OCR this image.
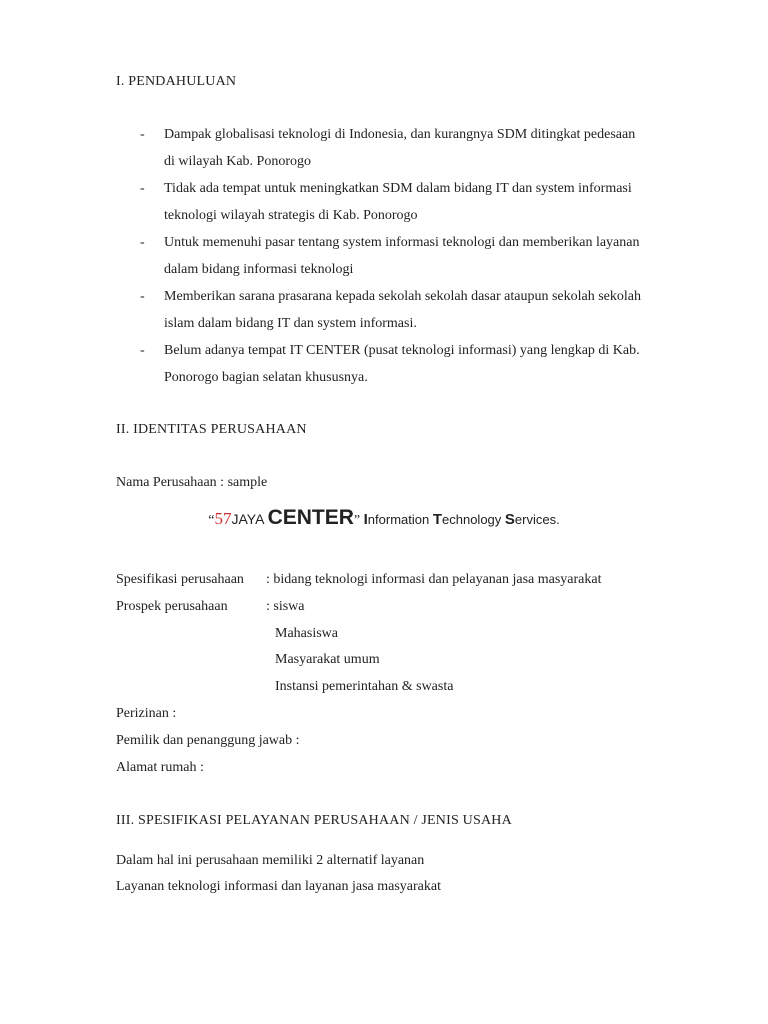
I. PENDAHULUAN
- Dampak globalisasi teknologi di Indonesia, dan kurangnya SDM ditingkat pedesaan
di wilayah Kab. Ponorogo
- Tidak ada tempat untuk meningkatkan SDM dalam bidang IT dan system informasi
teknologi wilayah strategis di Kab. Ponorogo
- Untuk memenuhi pasar tentang system informasi teknologi dan memberikan layanan
dalam bidang informasi teknologi
- Memberikan sarana prasarana kepada sekolah sekolah dasar ataupun sekolah sekolah
islam dalam bidang IT dan system informasi.
- Belum adanya tempat IT CENTER (pusat teknologi informasi) yang lengkap di Kab.
Ponorogo bagian selatan khususnya.
II. IDENTITAS PERUSAHAAN
Nama Perusahaan : sample
“57JAYA CENTER” Information Technology Services.
Spesifikasi perusahaan : bidang teknologi informasi dan pelayanan jasa masyarakat
Prospek perusahaan	: siswa
Mahasiswa
Masyarakat umum
Instansi pemerintahan & swasta
Perizinan :
Pemilik dan penanggung jawab :
Alamat rumah :
III. SPESIFIKASI PELAYANAN PERUSAHAAN / JENIS USAHA
Dalam hal ini perusahaan memiliki 2 alternatif layanan
Layanan teknologi informasi dan layanan jasa masyarakat
